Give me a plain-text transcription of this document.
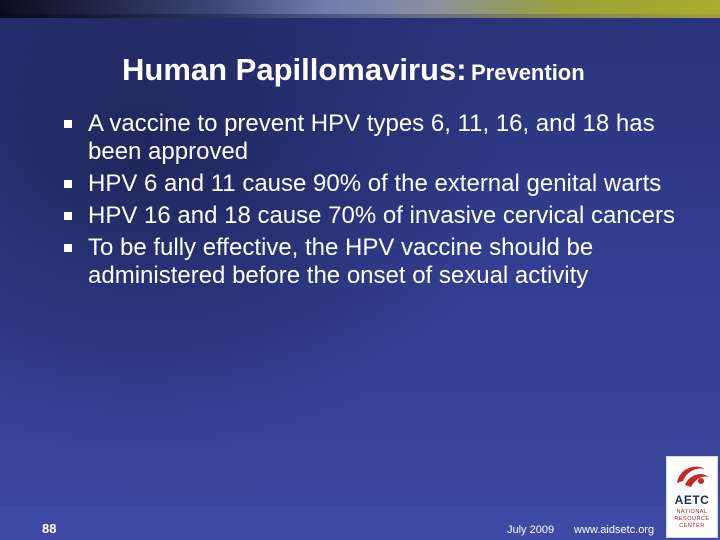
Human Papillomavirus: Prevention
A vaccine to prevent HPV types 6, 11, 16, and 18 has been approved
HPV 6 and 11 cause 90% of the external genital warts
HPV 16 and 18 cause 70% of invasive cervical cancers
To be fully effective, the HPV vaccine should be administered before the onset of sexual activity
88	July 2009 www.aidsetc.org
AETC
NATIONAL RESOURCE CENTER
